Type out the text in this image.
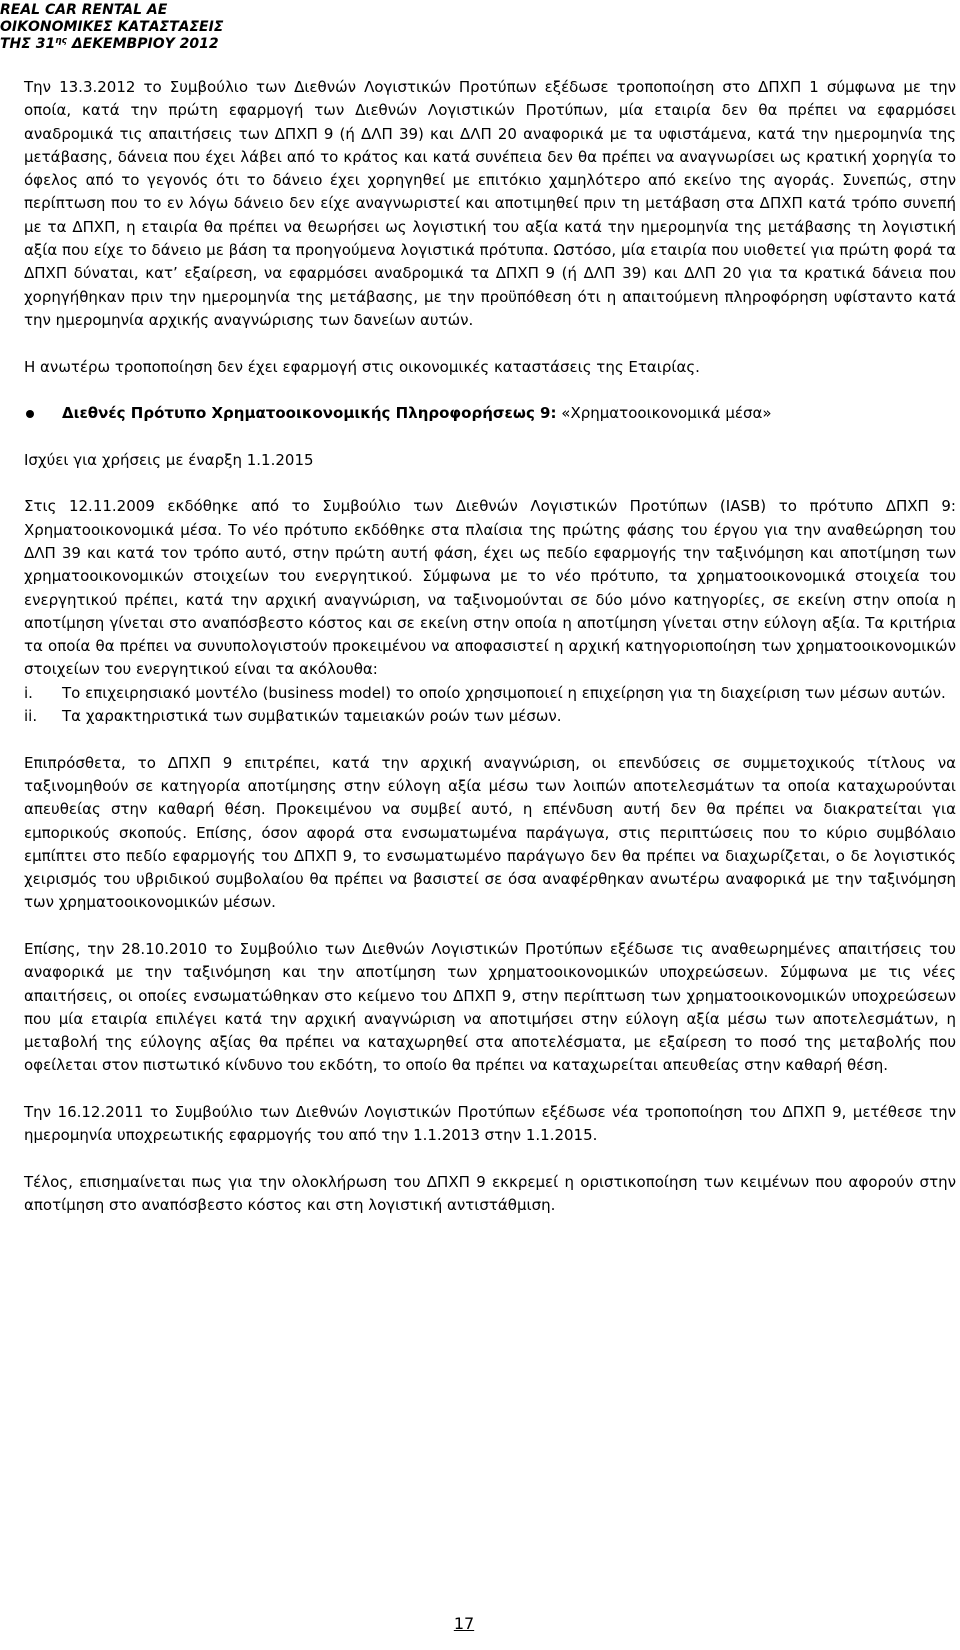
REAL CAR RENTAL ΑΕ
ΟΙΚΟΝΟΜΙΚΕΣ ΚΑΤΑΣΤΑΣΕΙΣ
ΤΗΣ $31^{\eta\varsigma}$ ΔΕΚΕΜΒΡΙΟΥ 2012

Την 13.3.2012 το Συμβούλιο των Διεθνών Λογιστικών Προτύπων εξέδωσε τροποποίηση στο ΔΠΧΠ 1 σύμφωνα με την οποία, κατά την πρώτη εφαρμογή των Διεθνών Λογιστικών Προτύπων, μία εταιρία δεν θα πρέπει να εφαρμόσει αναδρομικά τις απαιτήσεις των ΔΠΧΠ 9 (ή ΔΛΠ 39) και ΔΛΠ 20 αναφορικά με τα υφιστάμενα, κατά την ημερομηνία της μετάβασης, δάνεια που έχει λάβει από το κράτος και κατά συνέπεια δεν θα πρέπει να αναγνωρίσει ως κρατική χορηγία το όφελος από το γεγονός ότι το δάνειο έχει χορηγηθεί με επιτόκιο χαμηλότερο από εκείνο της αγοράς. Συνεπώς, στην περίπτωση που το εν λόγω δάνειο δεν είχε αναγνωριστεί και αποτιμηθεί πριν τη μετάβαση στα ΔΠΧΠ κατά τρόπο συνεπή με τα ΔΠΧΠ, η εταιρία θα πρέπει να θεωρήσει ως λογιστική του αξία κατά την ημερομηνία της μετάβασης τη λογιστική αξία που είχε το δάνειο με βάση τα προηγούμενα λογιστικά πρότυπα. Ωστόσο, μία εταιρία που υιοθετεί για πρώτη φορά τα ΔΠΧΠ δύναται, κατ’ εξαίρεση, να εφαρμόσει αναδρομικά τα ΔΠΧΠ 9 (ή ΔΛΠ 39) και ΔΛΠ 20 για τα κρατικά δάνεια που χορηγήθηκαν πριν την ημερομηνία της μετάβασης, με την προϋπόθεση ότι η απαιτούμενη πληροφόρηση υφίσταντο κατά την ημερομηνία αρχικής αναγνώρισης των δανείων αυτών.

Η ανωτέρω τροποποίηση δεν έχει εφαρμογή στις οικονομικές καταστάσεις της Εταιρίας.

Διεθνές Πρότυπο Χρηματοοικονομικής Πληροφορήσεως 9: «Χρηματοοικονομικά μέσα»

Ισχύει για χρήσεις με έναρξη 1.1.2015

Στις 12.11.2009 εκδόθηκε από το Συμβούλιο των Διεθνών Λογιστικών Προτύπων (IASB) το πρότυπο ΔΠΧΠ 9: Χρηματοοικονομικά μέσα. Το νέο πρότυπο εκδόθηκε στα πλαίσια της πρώτης φάσης του έργου για την αναθεώρηση του ΔΛΠ 39 και κατά τον τρόπο αυτό, στην πρώτη αυτή φάση, έχει ως πεδίο εφαρμογής την ταξινόμηση και αποτίμηση των χρηματοοικονομικών στοιχείων του ενεργητικού. Σύμφωνα με το νέο πρότυπο, τα χρηματοοικονομικά στοιχεία του ενεργητικού πρέπει, κατά την αρχική αναγνώριση, να ταξινομούνται σε δύο μόνο κατηγορίες, σε εκείνη στην οποία η αποτίμηση γίνεται στο αναπόσβεστο κόστος και σε εκείνη στην οποία η αποτίμηση γίνεται στην εύλογη αξία. Τα κριτήρια τα οποία θα πρέπει να συνυπολογιστούν προκειμένου να αποφασιστεί η αρχική κατηγοριοποίηση των χρηματοοικονομικών στοιχείων του ενεργητικού είναι τα ακόλουθα:

i.	Το επιχειρησιακό μοντέλο (business model) το οποίο χρησιμοποιεί η επιχείρηση για τη διαχείριση των μέσων αυτών.
ii.	Τα χαρακτηριστικά των συμβατικών ταμειακών ροών των μέσων.

Επιπρόσθετα, το ΔΠΧΠ 9 επιτρέπει, κατά την αρχική αναγνώριση, οι επενδύσεις σε συμμετοχικούς τίτλους να ταξινομηθούν σε κατηγορία αποτίμησης στην εύλογη αξία μέσω των λοιπών αποτελεσμάτων τα οποία καταχωρούνται απευθείας στην καθαρή θέση. Προκειμένου να συμβεί αυτό, η επένδυση αυτή δεν θα πρέπει να διακρατείται για εμπορικούς σκοπούς. Επίσης, όσον αφορά στα ενσωματωμένα παράγωγα, στις περιπτώσεις που το κύριο συμβόλαιο εμπίπτει στο πεδίο εφαρμογής του ΔΠΧΠ 9, το ενσωματωμένο παράγωγο δεν θα πρέπει να διαχωρίζεται, ο δε λογιστικός χειρισμός του υβριδικού συμβολαίου θα πρέπει να βασιστεί σε όσα αναφέρθηκαν ανωτέρω αναφορικά με την ταξινόμηση των χρηματοοικονομικών μέσων.

Επίσης, την 28.10.2010 το Συμβούλιο των Διεθνών Λογιστικών Προτύπων εξέδωσε τις αναθεωρημένες απαιτήσεις του αναφορικά με την ταξινόμηση και την αποτίμηση των χρηματοοικονομικών υποχρεώσεων. Σύμφωνα με τις νέες απαιτήσεις, οι οποίες ενσωματώθηκαν στο κείμενο του ΔΠΧΠ 9, στην περίπτωση των χρηματοοικονομικών υποχρεώσεων που μία εταιρία επιλέγει κατά την αρχική αναγνώριση να αποτιμήσει στην εύλογη αξία μέσω των αποτελεσμάτων, η μεταβολή της εύλογης αξίας θα πρέπει να καταχωρηθεί στα αποτελέσματα, με εξαίρεση το ποσό της μεταβολής που οφείλεται στον πιστωτικό κίνδυνο του εκδότη, το οποίο θα πρέπει να καταχωρείται απευθείας στην καθαρή θέση.

Την 16.12.2011 το Συμβούλιο των Διεθνών Λογιστικών Προτύπων εξέδωσε νέα τροποποίηση του ΔΠΧΠ 9, μετέθεσε την ημερομηνία υποχρεωτικής εφαρμογής του από την 1.1.2013 στην 1.1.2015.

Τέλος, επισημαίνεται πως για την ολοκλήρωση του ΔΠΧΠ 9 εκκρεμεί η οριστικοποίηση των κειμένων που αφορούν στην αποτίμηση στο αναπόσβεστο κόστος και στη λογιστική αντιστάθμιση.

17
